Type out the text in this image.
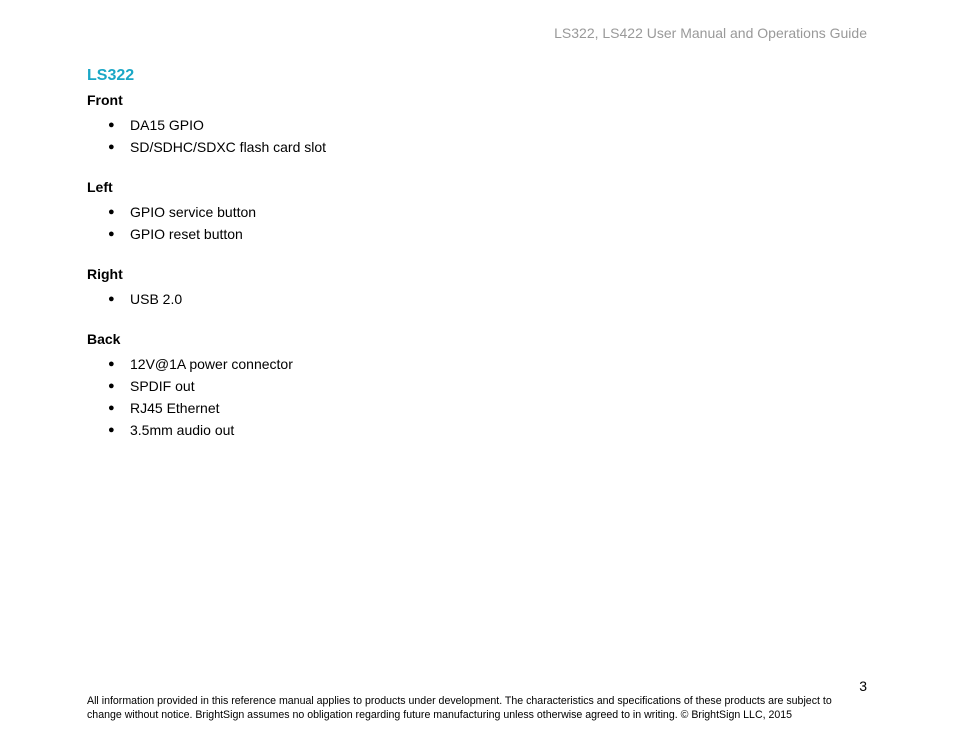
LS322, LS422 User Manual and Operations Guide
LS322
Front
● DA15 GPIO
● SD/SDHC/SDXC flash card slot
Left
● GPIO service button
● GPIO reset button
Right
● USB 2.0
Back
● 12V@1A power connector
● SPDIF out
● RJ45 Ethernet
● 3.5mm audio out
3
All information provided in this reference manual applies to products under development. The characteristics and specifications of these products are subject to change without notice. BrightSign assumes no obligation regarding future manufacturing unless otherwise agreed to in writing. © BrightSign LLC, 2015
